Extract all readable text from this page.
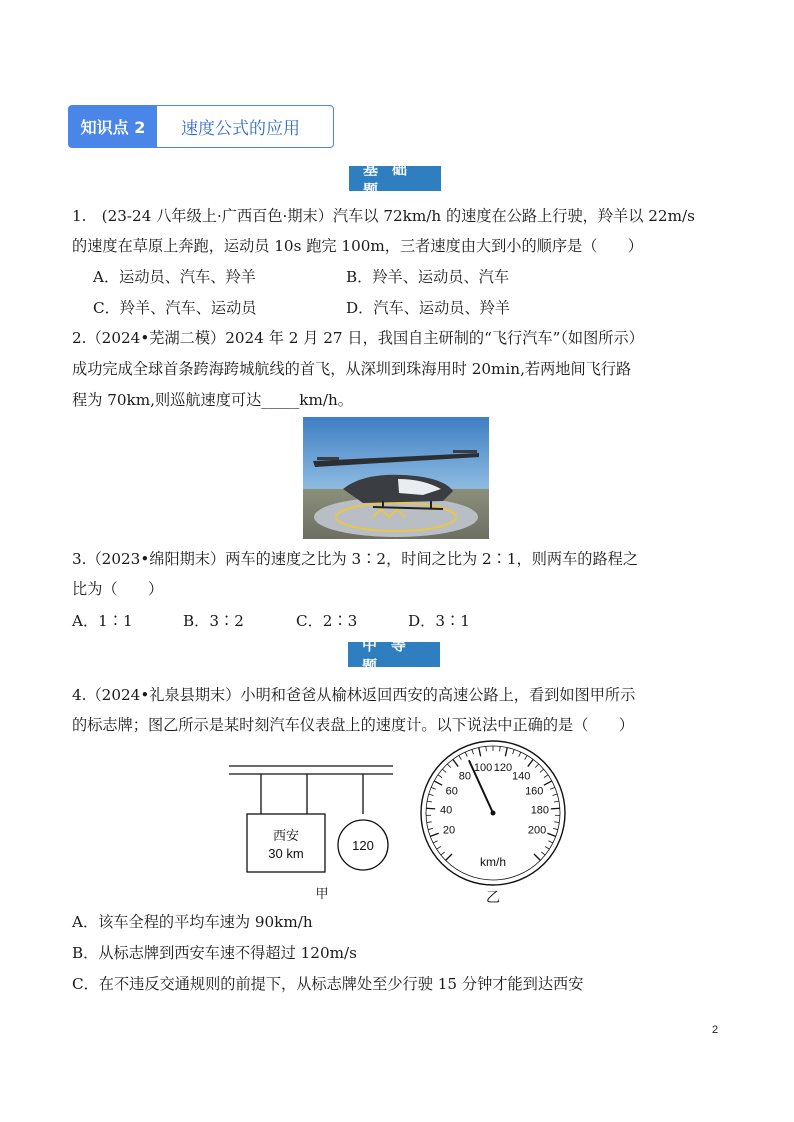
知识点 2	速度公式的应用
基础题
1.　(23-24 八年级上·广西百色·期末）汽车以 72km/h 的速度在公路上行驶，羚羊以 22m/s
的速度在草原上奔跑，运动员 10s 跑完 100m，三者速度由大到小的顺序是（　　）
A．运动员、汽车、羚羊	B．羚羊、运动员、汽车
C．羚羊、汽车、运动员	D．汽车、运动员、羚羊
2.（2024•芜湖二模）2024 年 2 月 27 日，我国自主研制的“飞行汽车”（如图所示）
成功完成全球首条跨海跨城航线的首飞，从深圳到珠海用时 20min,若两地间飞行路
程为 70km,则巡航速度可达_____km/h。
3.（2023•绵阳期末）两车的速度之比为 3∶2，时间之比为 2∶1，则两车的路程之
比为（　　）
A．1∶1	B．3∶2	C．2∶3	D．3∶1
中等题
4.（2024•礼泉县期末）小明和爸爸从榆林返回西安的高速公路上，看到如图甲所示
的标志牌；图乙所示是某时刻汽车仪表盘上的速度计。以下说法中正确的是（　　）
西安
30 km
120
甲
20
40
60
80
100 120
140
160
180
200
km/h
乙
A．该车全程的平均车速为 90km/h
B．从标志牌到西安车速不得超过 120m/s
C．在不违反交通规则的前提下，从标志牌处至少行驶 15 分钟才能到达西安
2
